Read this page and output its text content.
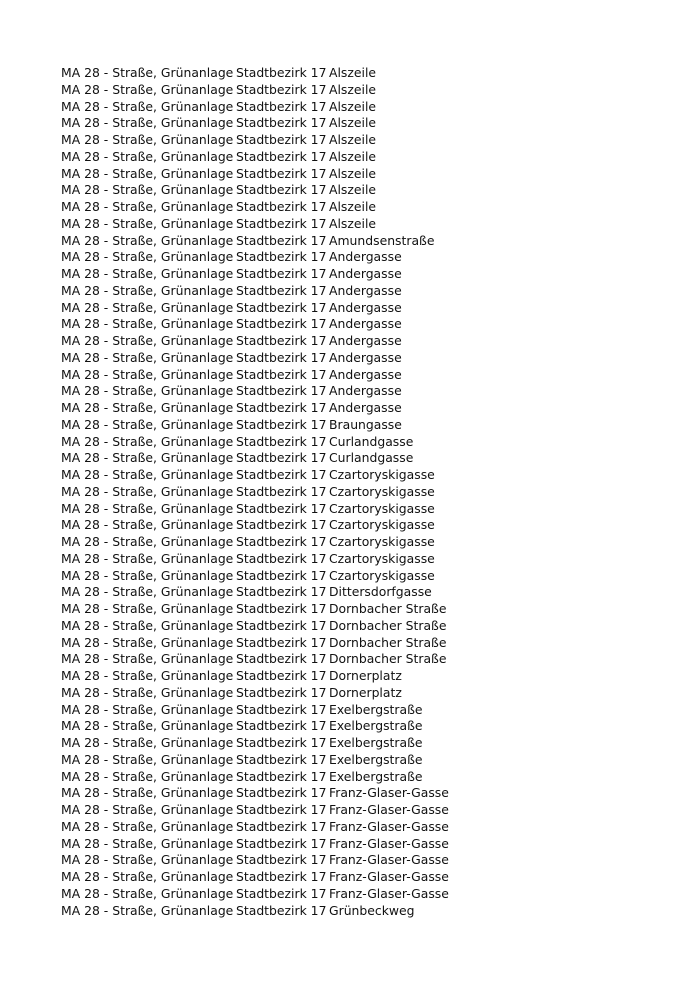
MA 28 - Straße, Grünanlage Stadtbezirk 17 Alszeile
MA 28 - Straße, Grünanlage Stadtbezirk 17 Alszeile
MA 28 - Straße, Grünanlage Stadtbezirk 17 Alszeile
MA 28 - Straße, Grünanlage Stadtbezirk 17 Alszeile
MA 28 - Straße, Grünanlage Stadtbezirk 17 Alszeile
MA 28 - Straße, Grünanlage Stadtbezirk 17 Alszeile
MA 28 - Straße, Grünanlage Stadtbezirk 17 Alszeile
MA 28 - Straße, Grünanlage Stadtbezirk 17 Alszeile
MA 28 - Straße, Grünanlage Stadtbezirk 17 Alszeile
MA 28 - Straße, Grünanlage Stadtbezirk 17 Alszeile
MA 28 - Straße, Grünanlage Stadtbezirk 17 Amundsenstraße
MA 28 - Straße, Grünanlage Stadtbezirk 17 Andergasse
MA 28 - Straße, Grünanlage Stadtbezirk 17 Andergasse
MA 28 - Straße, Grünanlage Stadtbezirk 17 Andergasse
MA 28 - Straße, Grünanlage Stadtbezirk 17 Andergasse
MA 28 - Straße, Grünanlage Stadtbezirk 17 Andergasse
MA 28 - Straße, Grünanlage Stadtbezirk 17 Andergasse
MA 28 - Straße, Grünanlage Stadtbezirk 17 Andergasse
MA 28 - Straße, Grünanlage Stadtbezirk 17 Andergasse
MA 28 - Straße, Grünanlage Stadtbezirk 17 Andergasse
MA 28 - Straße, Grünanlage Stadtbezirk 17 Andergasse
MA 28 - Straße, Grünanlage Stadtbezirk 17 Braungasse
MA 28 - Straße, Grünanlage Stadtbezirk 17 Curlandgasse
MA 28 - Straße, Grünanlage Stadtbezirk 17 Curlandgasse
MA 28 - Straße, Grünanlage Stadtbezirk 17 Czartoryskigasse
MA 28 - Straße, Grünanlage Stadtbezirk 17 Czartoryskigasse
MA 28 - Straße, Grünanlage Stadtbezirk 17 Czartoryskigasse
MA 28 - Straße, Grünanlage Stadtbezirk 17 Czartoryskigasse
MA 28 - Straße, Grünanlage Stadtbezirk 17 Czartoryskigasse
MA 28 - Straße, Grünanlage Stadtbezirk 17 Czartoryskigasse
MA 28 - Straße, Grünanlage Stadtbezirk 17 Czartoryskigasse
MA 28 - Straße, Grünanlage Stadtbezirk 17 Dittersdorfgasse
MA 28 - Straße, Grünanlage Stadtbezirk 17 Dornbacher Straße
MA 28 - Straße, Grünanlage Stadtbezirk 17 Dornbacher Straße
MA 28 - Straße, Grünanlage Stadtbezirk 17 Dornbacher Straße
MA 28 - Straße, Grünanlage Stadtbezirk 17 Dornbacher Straße
MA 28 - Straße, Grünanlage Stadtbezirk 17 Dornerplatz
MA 28 - Straße, Grünanlage Stadtbezirk 17 Dornerplatz
MA 28 - Straße, Grünanlage Stadtbezirk 17 Exelbergstraße
MA 28 - Straße, Grünanlage Stadtbezirk 17 Exelbergstraße
MA 28 - Straße, Grünanlage Stadtbezirk 17 Exelbergstraße
MA 28 - Straße, Grünanlage Stadtbezirk 17 Exelbergstraße
MA 28 - Straße, Grünanlage Stadtbezirk 17 Exelbergstraße
MA 28 - Straße, Grünanlage Stadtbezirk 17 Franz-Glaser-Gasse
MA 28 - Straße, Grünanlage Stadtbezirk 17 Franz-Glaser-Gasse
MA 28 - Straße, Grünanlage Stadtbezirk 17 Franz-Glaser-Gasse
MA 28 - Straße, Grünanlage Stadtbezirk 17 Franz-Glaser-Gasse
MA 28 - Straße, Grünanlage Stadtbezirk 17 Franz-Glaser-Gasse
MA 28 - Straße, Grünanlage Stadtbezirk 17 Franz-Glaser-Gasse
MA 28 - Straße, Grünanlage Stadtbezirk 17 Franz-Glaser-Gasse
MA 28 - Straße, Grünanlage Stadtbezirk 17 Grünbeckweg
